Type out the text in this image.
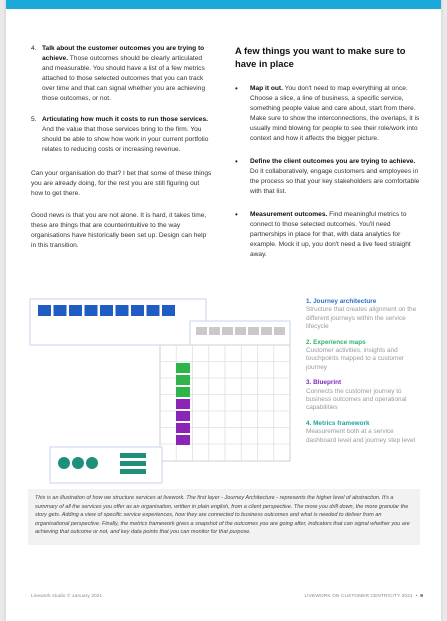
4. Talk about the customer outcomes you are trying to achieve. Those outcomes should be clearly articulated and measurable. You should have a list of a few metrics attached to those selected outcomes that you can track over time and that can signal whether you are achieving those outcomes, or not.
5. Articulating how much it costs to run those services. And the value that those services bring to the firm. You should be able to show how work in your current portfolio relates to reducing costs or increasing revenue.

Can your organisation do that? I bet that some of these things you are already doing, for the rest you are still figuring out how to get there.

Good news is that you are not alone. It is hard, it takes time, these are things that are counterintuitive to the way organisations have historically been set up. Design can help in this transition.

A few things you want to make sure to have in place
•	Map it out. You don't need to map everything at once. Choose a slice, a line of business, a specific service, something people value and care about, start from there. Make sure to show the interconnections, the overlaps, it is usually mind blowing for people to see their role/work into context and how it affects the bigger picture.
•	Define the client outcomes you are trying to achieve. Do it collaboratively, engage customers and employees in the process so that your key stakeholders are comfortable with that list.
•	Measurement outcomes. Find meaningful metrics to connect to those selected outcomes. You'll need partnerships in place for that, with data analytics for example. Mock it up, you don't need a live feed straight away.
1. Journey architecture
Structure that creates alignment on the different journeys within the service lifecycle
2. Experience maps
Customer activities, insights and touchpoints mapped to a customer journey
3. Blueprint
Connects the customer journey to business outcomes and operational capabilities
4. Metrics framework
Measurement both at a service dashboard level and journey step level
This is an illustration of how we structure services at livework. The first layer - Journey Architecture - represents the higher level of abstraction. It's a summary of all the services you offer as an organisation, written in plain english, from a client perspective. The more you drill down, the more granular the story gets. Adding a view of specific service experiences, how they are connected to business outcomes and what is needed to deliver from an organisational perspective. Finally, the metrics framework gives a snapshot of the outcomes you are going after, indicators that can signal whether you are achieving that outcome or not, and key data points that you can monitor for that purpose.
Livework studio © January 2021	LIVEWORK ON CUSTOMER CENTRICITY 2021  •  9
